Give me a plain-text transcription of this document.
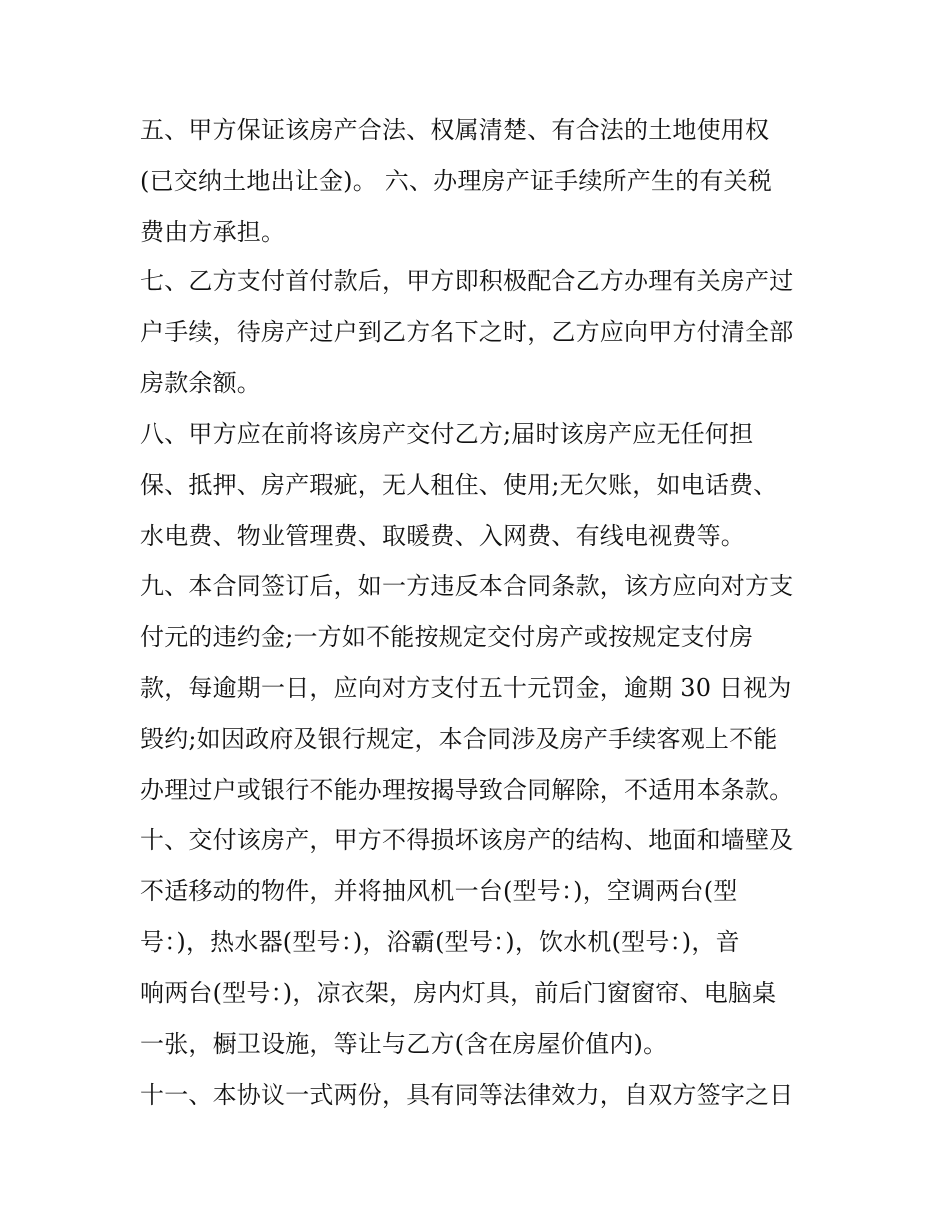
五、甲方保证该房产合法、权属清楚、有合法的土地使用权
(已交纳土地出让金)。 六、办理房产证手续所产生的有关税
费由方承担。
七、乙方支付首付款后，甲方即积极配合乙方办理有关房产过
户手续，待房产过户到乙方名下之时，乙方应向甲方付清全部
房款余额。
八、甲方应在前将该房产交付乙方;届时该房产应无任何担
保、抵押、房产瑕疵，无人租住、使用;无欠账，如电话费、
水电费、物业管理费、取暖费、入网费、有线电视费等。
九、本合同签订后，如一方违反本合同条款，该方应向对方支
付元的违约金;一方如不能按规定交付房产或按规定支付房
款，每逾期一日，应向对方支付五十元罚金，逾期 30 日视为
毁约;如因政府及银行规定，本合同涉及房产手续客观上不能
办理过户或银行不能办理按揭导致合同解除，不适用本条款。
十、交付该房产，甲方不得损坏该房产的结构、地面和墙壁及
不适移动的物件，并将抽风机一台(型号：)，空调两台(型
号：)，热水器(型号：)，浴霸(型号：)，饮水机(型号：)，音
响两台(型号：)，凉衣架，房内灯具，前后门窗窗帘、电脑桌
一张，橱卫设施，等让与乙方(含在房屋价值内)。
十一、本协议一式两份，具有同等法律效力，自双方签字之日
